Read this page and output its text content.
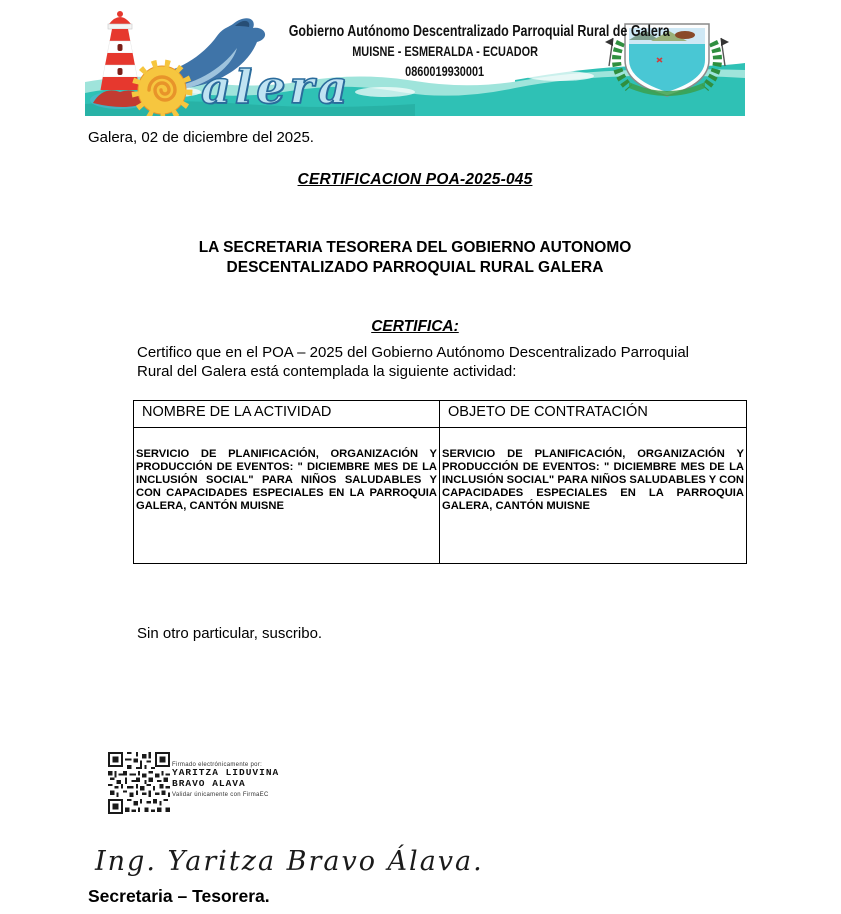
Gobierno Autónomo Descentralizado Parroquial Rural de Galera
MUISNE - ESMERALDA - ECUADOR
0860019930001
alera
Galera, 02 de diciembre del 2025.
CERTIFICACION POA-2025-045
LA SECRETARIA TESORERA DEL GOBIERNO AUTONOMO
DESCENTALIZADO PARROQUIAL RURAL GALERA
CERTIFICA:
Certifico que en el POA – 2025 del Gobierno Autónomo Descentralizado Parroquial Rural del Galera está contemplada la siguiente actividad:
NOMBRE DE LA ACTIVIDAD	OBJETO DE CONTRATACIÓN
SERVICIO DE PLANIFICACIÓN, ORGANIZACIÓN Y PRODUCCIÓN DE EVENTOS: " DICIEMBRE MES DE LA INCLUSIÓN SOCIAL" PARA NIÑOS SALUDABLES Y CON CAPACIDADES ESPECIALES EN LA PARROQUIA GALERA, CANTÓN MUISNE	SERVICIO DE PLANIFICACIÓN, ORGANIZACIÓN Y PRODUCCIÓN DE EVENTOS: " DICIEMBRE MES DE LA INCLUSIÓN SOCIAL" PARA NIÑOS SALUDABLES Y CON CAPACIDADES ESPECIALES EN LA PARROQUIA GALERA, CANTÓN MUISNE
Sin otro particular, suscribo.
Firmado electrónicamente por:
YARITZA LIDUVINA
BRAVO ALAVA
Validar únicamente con FirmaEC
Ing. Yaritza Bravo Álava.
Secretaria – Tesorera.
